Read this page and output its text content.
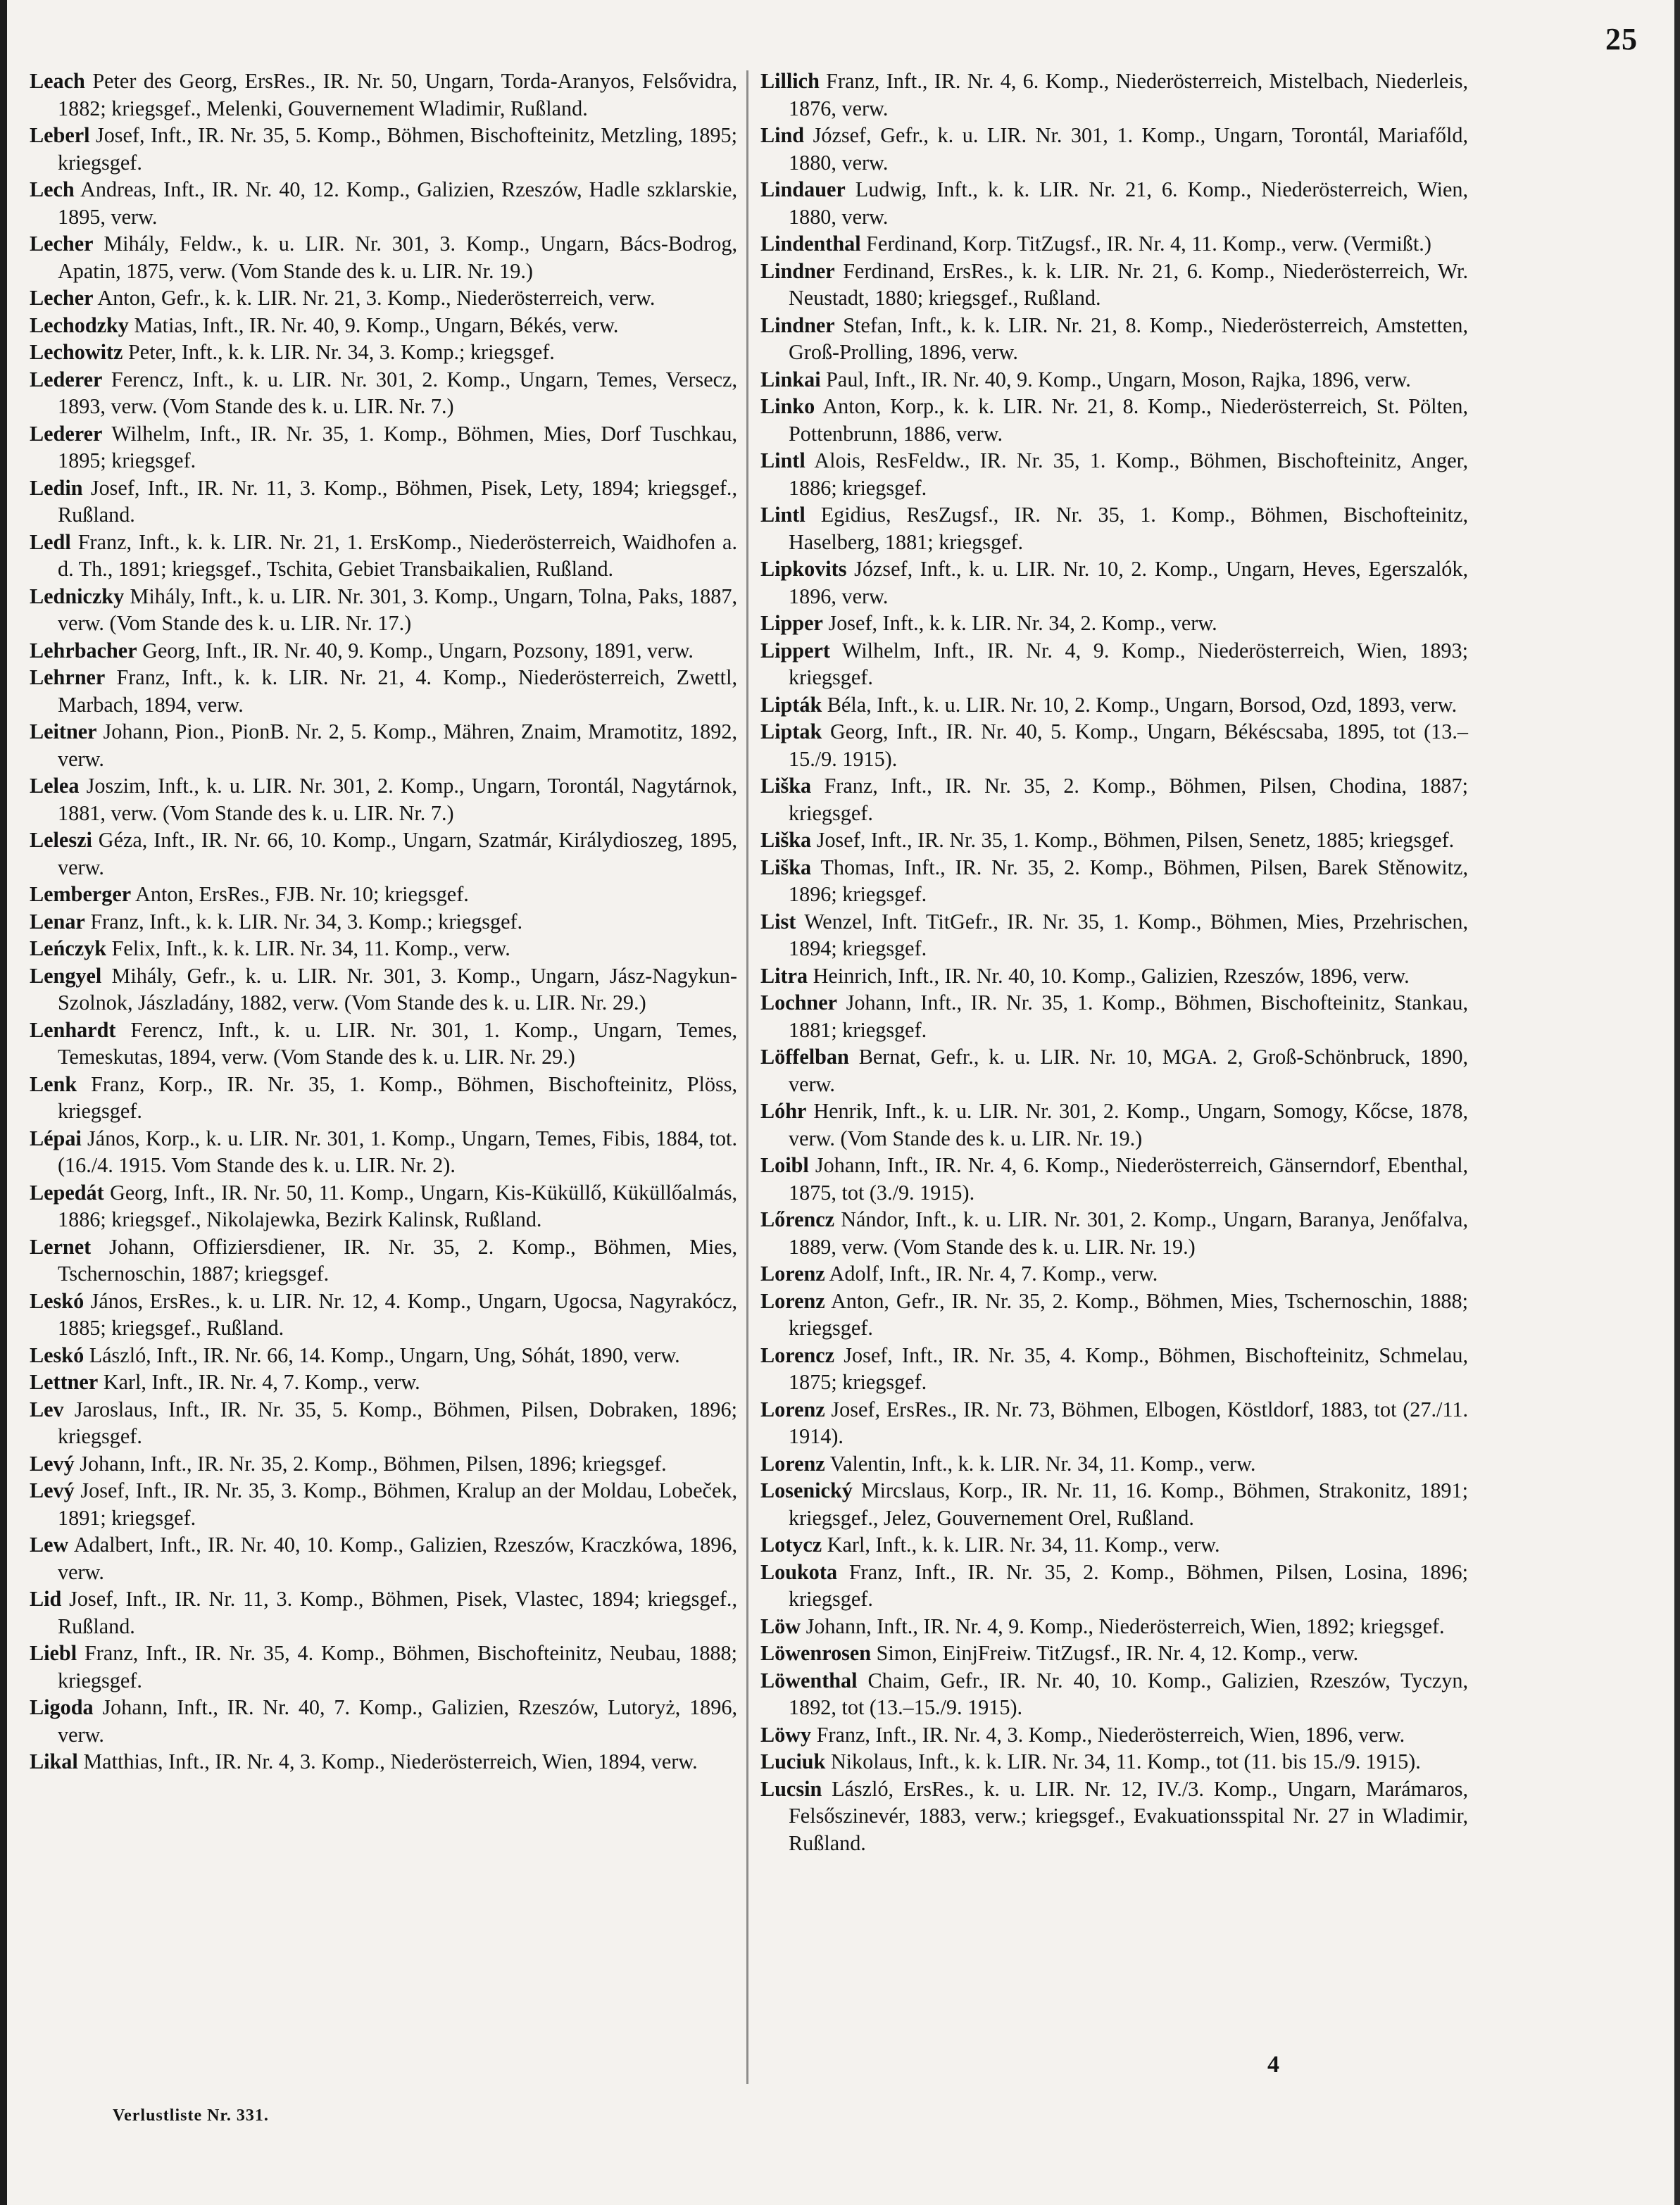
25

Leach Peter des Georg, ErsRes., IR. Nr. 50, Ungarn, Torda-Aranyos, Felsővidra, 1882; kriegsgef., Melenki, Gouvernement Wladimir, Rußland.

Leberl Josef, Inft., IR. Nr. 35, 5. Komp., Böhmen, Bischofteinitz, Metzling, 1895; kriegsgef.

Lech Andreas, Inft., IR. Nr. 40, 12. Komp., Galizien, Rzeszów, Hadle szklarskie, 1895, verw.

Lecher Mihály, Feldw., k. u. LIR. Nr. 301, 3. Komp., Ungarn, Bács-Bodrog, Apatin, 1875, verw. (Vom Stande des k. u. LIR. Nr. 19.)

Lecher Anton, Gefr., k. k. LIR. Nr. 21, 3. Komp., Niederösterreich, verw.

Lechodzky Matias, Inft., IR. Nr. 40, 9. Komp., Ungarn, Békés, verw.

Lechowitz Peter, Inft., k. k. LIR. Nr. 34, 3. Komp.; kriegsgef.

Lederer Ferencz, Inft., k. u. LIR. Nr. 301, 2. Komp., Ungarn, Temes, Versecz, 1893, verw. (Vom Stande des k. u. LIR. Nr. 7.)

Lederer Wilhelm, Inft., IR. Nr. 35, 1. Komp., Böhmen, Mies, Dorf Tuschkau, 1895; kriegsgef.

Ledin Josef, Inft., IR. Nr. 11, 3. Komp., Böhmen, Pisek, Lety, 1894; kriegsgef., Rußland.

Ledl Franz, Inft., k. k. LIR. Nr. 21, 1. ErsKomp., Niederösterreich, Waidhofen a. d. Th., 1891; kriegsgef., Tschita, Gebiet Transbaikalien, Rußland.

Ledniczky Mihály, Inft., k. u. LIR. Nr. 301, 3. Komp., Ungarn, Tolna, Paks, 1887, verw. (Vom Stande des k. u. LIR. Nr. 17.)

Lehrbacher Georg, Inft., IR. Nr. 40, 9. Komp., Ungarn, Pozsony, 1891, verw.

Lehrner Franz, Inft., k. k. LIR. Nr. 21, 4. Komp., Niederösterreich, Zwettl, Marbach, 1894, verw.

Leitner Johann, Pion., PionB. Nr. 2, 5. Komp., Mähren, Znaim, Mramotitz, 1892, verw.

Lelea Joszim, Inft., k. u. LIR. Nr. 301, 2. Komp., Ungarn, Torontál, Nagytárnok, 1881, verw. (Vom Stande des k. u. LIR. Nr. 7.)

Leleszi Géza, Inft., IR. Nr. 66, 10. Komp., Ungarn, Szatmár, Királydioszeg, 1895, verw.

Lemberger Anton, ErsRes., FJB. Nr. 10; kriegsgef.

Lenar Franz, Inft., k. k. LIR. Nr. 34, 3. Komp.; kriegsgef.

Leńczyk Felix, Inft., k. k. LIR. Nr. 34, 11. Komp., verw.

Lengyel Mihály, Gefr., k. u. LIR. Nr. 301, 3. Komp., Ungarn, Jász-Nagykun-Szolnok, Jászladány, 1882, verw. (Vom Stande des k. u. LIR. Nr. 29.)

Lenhardt Ferencz, Inft., k. u. LIR. Nr. 301, 1. Komp., Ungarn, Temes, Temeskutas, 1894, verw. (Vom Stande des k. u. LIR. Nr. 29.)

Lenk Franz, Korp., IR. Nr. 35, 1. Komp., Böhmen, Bischofteinitz, Plöss, kriegsgef.

Lépai János, Korp., k. u. LIR. Nr. 301, 1. Komp., Ungarn, Temes, Fibis, 1884, tot. (16./4. 1915. Vom Stande des k. u. LIR. Nr. 2).

Lepedát Georg, Inft., IR. Nr. 50, 11. Komp., Ungarn, Kis-Küküllő, Küküllőalmás, 1886; kriegsgef., Nikolajewka, Bezirk Kalinsk, Rußland.

Lernet Johann, Offiziersdiener, IR. Nr. 35, 2. Komp., Böhmen, Mies, Tschernoschin, 1887; kriegsgef.

Leskó János, ErsRes., k. u. LIR. Nr. 12, 4. Komp., Ungarn, Ugocsa, Nagyrakócz, 1885; kriegsgef., Rußland.

Leskó László, Inft., IR. Nr. 66, 14. Komp., Ungarn, Ung, Sóhát, 1890, verw.

Lettner Karl, Inft., IR. Nr. 4, 7. Komp., verw.

Lev Jaroslaus, Inft., IR. Nr. 35, 5. Komp., Böhmen, Pilsen, Dobraken, 1896; kriegsgef.

Levý Johann, Inft., IR. Nr. 35, 2. Komp., Böhmen, Pilsen, 1896; kriegsgef.

Levý Josef, Inft., IR. Nr. 35, 3. Komp., Böhmen, Kralup an der Moldau, Lobeček, 1891; kriegsgef.

Lew Adalbert, Inft., IR. Nr. 40, 10. Komp., Galizien, Rzeszów, Kraczkówa, 1896, verw.

Lid Josef, Inft., IR. Nr. 11, 3. Komp., Böhmen, Pisek, Vlastec, 1894; kriegsgef., Rußland.

Liebl Franz, Inft., IR. Nr. 35, 4. Komp., Böhmen, Bischofteinitz, Neubau, 1888; kriegsgef.

Ligoda Johann, Inft., IR. Nr. 40, 7. Komp., Galizien, Rzeszów, Lutoryż, 1896, verw.

Likal Matthias, Inft., IR. Nr. 4, 3. Komp., Niederösterreich, Wien, 1894, verw.

Lillich Franz, Inft., IR. Nr. 4, 6. Komp., Niederösterreich, Mistelbach, Niederleis, 1876, verw.

Lind József, Gefr., k. u. LIR. Nr. 301, 1. Komp., Ungarn, Torontál, Mariafőld, 1880, verw.

Lindauer Ludwig, Inft., k. k. LIR. Nr. 21, 6. Komp., Niederösterreich, Wien, 1880, verw.

Lindenthal Ferdinand, Korp. TitZugsf., IR. Nr. 4, 11. Komp., verw. (Vermißt.)

Lindner Ferdinand, ErsRes., k. k. LIR. Nr. 21, 6. Komp., Niederösterreich, Wr. Neustadt, 1880; kriegsgef., Rußland.

Lindner Stefan, Inft., k. k. LIR. Nr. 21, 8. Komp., Niederösterreich, Amstetten, Groß-Prolling, 1896, verw.

Linkai Paul, Inft., IR. Nr. 40, 9. Komp., Ungarn, Moson, Rajka, 1896, verw.

Linko Anton, Korp., k. k. LIR. Nr. 21, 8. Komp., Niederösterreich, St. Pölten, Pottenbrunn, 1886, verw.

Lintl Alois, ResFeldw., IR. Nr. 35, 1. Komp., Böhmen, Bischofteinitz, Anger, 1886; kriegsgef.

Lintl Egidius, ResZugsf., IR. Nr. 35, 1. Komp., Böhmen, Bischofteinitz, Haselberg, 1881; kriegsgef.

Lipkovits József, Inft., k. u. LIR. Nr. 10, 2. Komp., Ungarn, Heves, Egerszalók, 1896, verw.

Lipper Josef, Inft., k. k. LIR. Nr. 34, 2. Komp., verw.

Lippert Wilhelm, Inft., IR. Nr. 4, 9. Komp., Niederösterreich, Wien, 1893; kriegsgef.

Lipták Béla, Inft., k. u. LIR. Nr. 10, 2. Komp., Ungarn, Borsod, Ozd, 1893, verw.

Liptak Georg, Inft., IR. Nr. 40, 5. Komp., Ungarn, Békéscsaba, 1895, tot (13.–15./9. 1915).

Liška Franz, Inft., IR. Nr. 35, 2. Komp., Böhmen, Pilsen, Chodina, 1887; kriegsgef.

Liška Josef, Inft., IR. Nr. 35, 1. Komp., Böhmen, Pilsen, Senetz, 1885; kriegsgef.

Liška Thomas, Inft., IR. Nr. 35, 2. Komp., Böhmen, Pilsen, Barek Stěnowitz, 1896; kriegsgef.

List Wenzel, Inft. TitGefr., IR. Nr. 35, 1. Komp., Böhmen, Mies, Przehrischen, 1894; kriegsgef.

Litra Heinrich, Inft., IR. Nr. 40, 10. Komp., Galizien, Rzeszów, 1896, verw.

Lochner Johann, Inft., IR. Nr. 35, 1. Komp., Böhmen, Bischofteinitz, Stankau, 1881; kriegsgef.

Löffelban Bernat, Gefr., k. u. LIR. Nr. 10, MGA. 2, Groß-Schönbruck, 1890, verw.

Lóhr Henrik, Inft., k. u. LIR. Nr. 301, 2. Komp., Ungarn, Somogy, Kőcse, 1878, verw. (Vom Stande des k. u. LIR. Nr. 19.)

Loibl Johann, Inft., IR. Nr. 4, 6. Komp., Niederösterreich, Gänserndorf, Ebenthal, 1875, tot (3./9. 1915).

Lőrencz Nándor, Inft., k. u. LIR. Nr. 301, 2. Komp., Ungarn, Baranya, Jenőfalva, 1889, verw. (Vom Stande des k. u. LIR. Nr. 19.)

Lorenz Adolf, Inft., IR. Nr. 4, 7. Komp., verw.

Lorenz Anton, Gefr., IR. Nr. 35, 2. Komp., Böhmen, Mies, Tschernoschin, 1888; kriegsgef.

Lorencz Josef, Inft., IR. Nr. 35, 4. Komp., Böhmen, Bischofteinitz, Schmelau, 1875; kriegsgef.

Lorenz Josef, ErsRes., IR. Nr. 73, Böhmen, Elbogen, Köstldorf, 1883, tot (27./11. 1914).

Lorenz Valentin, Inft., k. k. LIR. Nr. 34, 11. Komp., verw.

Losenický Mircslaus, Korp., IR. Nr. 11, 16. Komp., Böhmen, Strakonitz, 1891; kriegsgef., Jelez, Gouvernement Orel, Rußland.

Lotycz Karl, Inft., k. k. LIR. Nr. 34, 11. Komp., verw.

Loukota Franz, Inft., IR. Nr. 35, 2. Komp., Böhmen, Pilsen, Losina, 1896; kriegsgef.

Löw Johann, Inft., IR. Nr. 4, 9. Komp., Niederösterreich, Wien, 1892; kriegsgef.

Löwenrosen Simon, EinjFreiw. TitZugsf., IR. Nr. 4, 12. Komp., verw.

Löwenthal Chaim, Gefr., IR. Nr. 40, 10. Komp., Galizien, Rzeszów, Tyczyn, 1892, tot (13.–15./9. 1915).

Löwy Franz, Inft., IR. Nr. 4, 3. Komp., Niederösterreich, Wien, 1896, verw.

Luciuk Nikolaus, Inft., k. k. LIR. Nr. 34, 11. Komp., tot (11. bis 15./9. 1915).

Lucsin László, ErsRes., k. u. LIR. Nr. 12, IV./3. Komp., Ungarn, Marámaros, Felsőszinevér, 1883, verw.; kriegsgef., Evakuationsspital Nr. 27 in Wladimir, Rußland.

Verlustliste Nr. 331.
4
